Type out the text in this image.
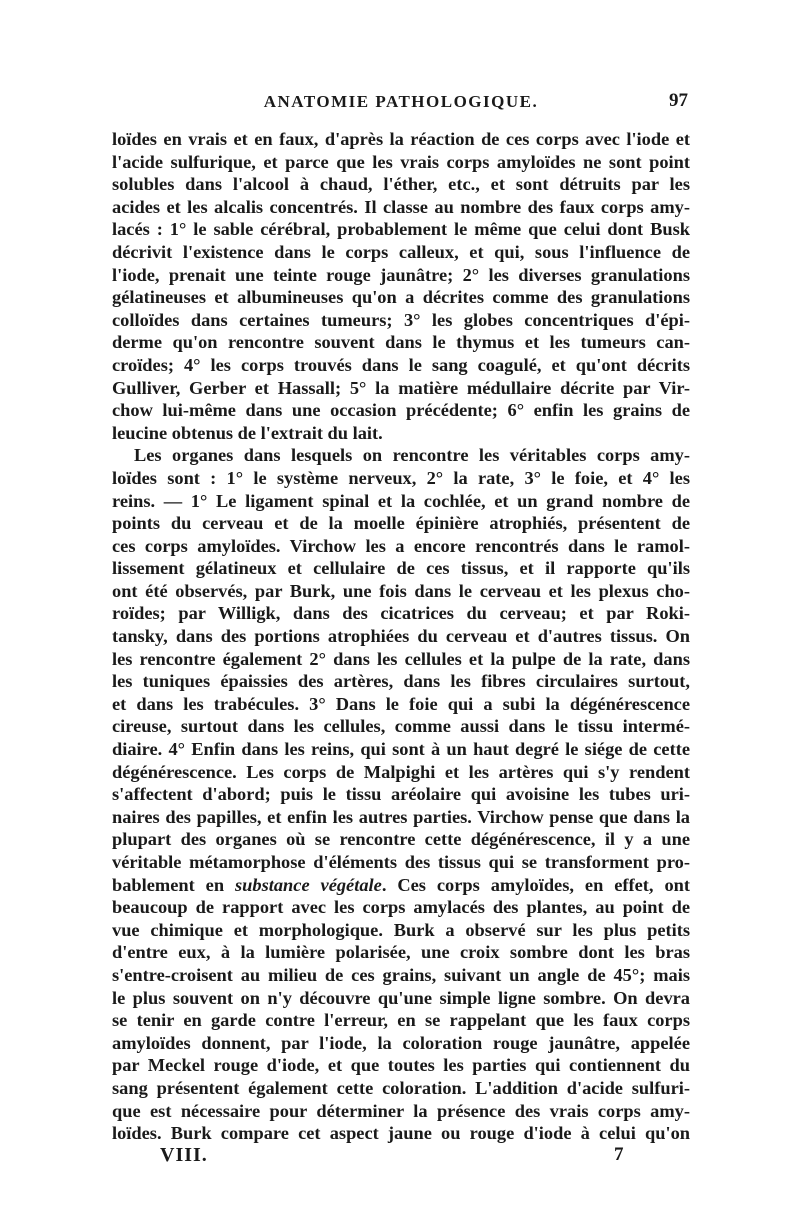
ANATOMIE PATHOLOGIQUE.	97
loïdes en vrais et en faux, d'après la réaction de ces corps avec l'iode et
l'acide sulfurique, et parce que les vrais corps amyloïdes ne sont point
solubles dans l'alcool à chaud, l'éther, etc., et sont détruits par les
acides et les alcalis concentrés. Il classe au nombre des faux corps amy-
lacés : 1° le sable cérébral, probablement le même que celui dont Busk
décrivit l'existence dans le corps calleux, et qui, sous l'influence de
l'iode, prenait une teinte rouge jaunâtre; 2° les diverses granulations
gélatineuses et albumineuses qu'on a décrites comme des granulations
colloïdes dans certaines tumeurs; 3° les globes concentriques d'épi-
derme qu'on rencontre souvent dans le thymus et les tumeurs can-
croïdes; 4° les corps trouvés dans le sang coagulé, et qu'ont décrits
Gulliver, Gerber et Hassall; 5° la matière médullaire décrite par Vir-
chow lui-même dans une occasion précédente; 6° enfin les grains de
leucine obtenus de l'extrait du lait.
Les organes dans lesquels on rencontre les véritables corps amy-
loïdes sont : 1° le système nerveux, 2° la rate, 3° le foie, et 4° les
reins. — 1° Le ligament spinal et la cochlée, et un grand nombre de
points du cerveau et de la moelle épinière atrophiés, présentent de
ces corps amyloïdes. Virchow les a encore rencontrés dans le ramol-
lissement gélatineux et cellulaire de ces tissus, et il rapporte qu'ils
ont été observés, par Burk, une fois dans le cerveau et les plexus cho-
roïdes; par Willigk, dans des cicatrices du cerveau; et par Roki-
tansky, dans des portions atrophiées du cerveau et d'autres tissus. On
les rencontre également 2° dans les cellules et la pulpe de la rate, dans
les tuniques épaissies des artères, dans les fibres circulaires surtout,
et dans les trabécules. 3° Dans le foie qui a subi la dégénérescence
cireuse, surtout dans les cellules, comme aussi dans le tissu intermé-
diaire. 4° Enfin dans les reins, qui sont à un haut degré le siége de cette
dégénérescence. Les corps de Malpighi et les artères qui s'y rendent
s'affectent d'abord; puis le tissu aréolaire qui avoisine les tubes uri-
naires des papilles, et enfin les autres parties. Virchow pense que dans la
plupart des organes où se rencontre cette dégénérescence, il y a une
véritable métamorphose d'éléments des tissus qui se transforment pro-
bablement en substance végétale. Ces corps amyloïdes, en effet, ont
beaucoup de rapport avec les corps amylacés des plantes, au point de
vue chimique et morphologique. Burk a observé sur les plus petits
d'entre eux, à la lumière polarisée, une croix sombre dont les bras
s'entre-croisent au milieu de ces grains, suivant un angle de 45°; mais
le plus souvent on n'y découvre qu'une simple ligne sombre. On devra
se tenir en garde contre l'erreur, en se rappelant que les faux corps
amyloïdes donnent, par l'iode, la coloration rouge jaunâtre, appelée
par Meckel rouge d'iode, et que toutes les parties qui contiennent du
sang présentent également cette coloration. L'addition d'acide sulfuri-
que est nécessaire pour déterminer la présence des vrais corps amy-
loïdes. Burk compare cet aspect jaune ou rouge d'iode à celui qu'on
VIII.	7
